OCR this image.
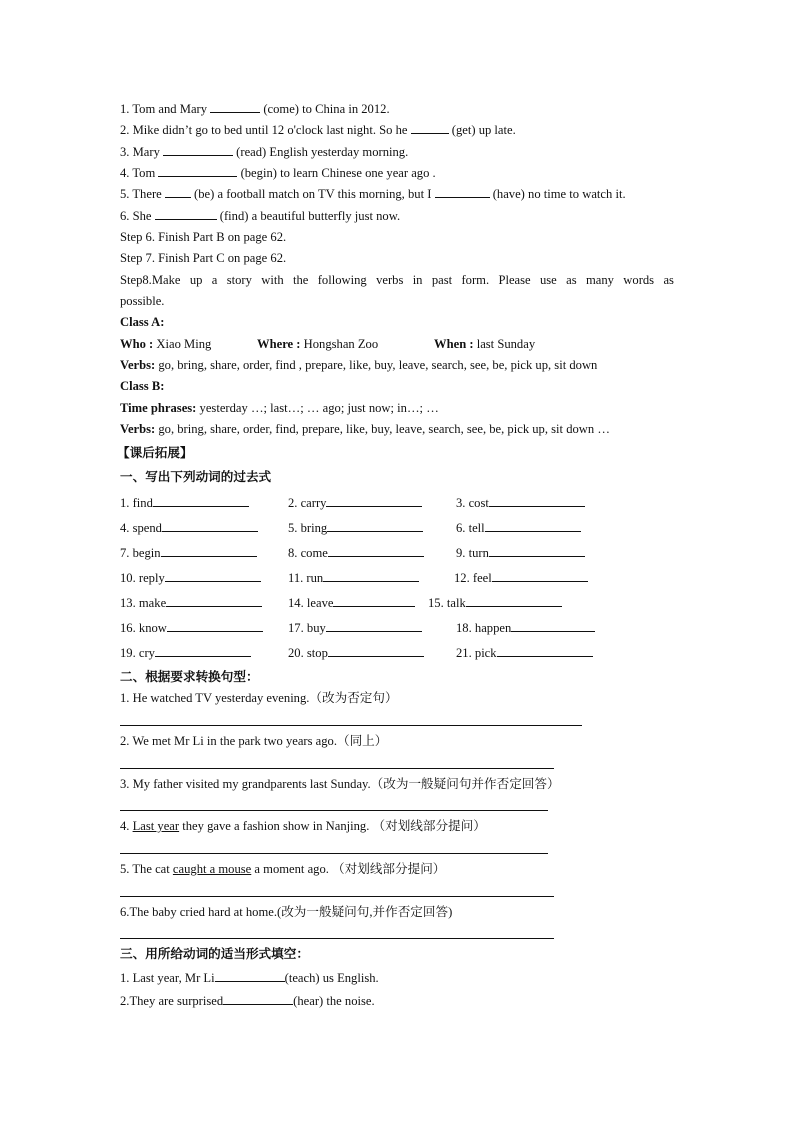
1. Tom and Mary	(come) to China in 2012.
2. Mike didn’t go to bed until 12 o'clock last night. So he	(get) up late.
3. Mary	(read) English yesterday morning.
4. Tom	(begin) to learn Chinese one year ago .
5. There  (be) a football match on TV this morning, but I	(have) no time to watch it.
6. She	(find) a beautiful butterfly just now.
Step 6. Finish Part B on page 62.
Step 7. Finish Part C on page 62.
Step8.Make up a story with the following verbs in past form. Please use as many words as
possible.
Class A:
Who : Xiao Ming	Where : Hongshan Zoo	When : last Sunday
Verbs: go, bring, share, order, find , prepare, like, buy, leave, search, see, be, pick up, sit down
Class B:
Time phrases: yesterday …; last…; … ago; just now; in…; …
Verbs: go, bring, share, order, find, prepare, like, buy, leave, search, see, be, pick up, sit down …
【课后拓展】
一、写出下列动词的过去式
1. find	2. carry	3. cost
4. spend	5. bring	6. tell
7. begin	8. come	9. turn
10. reply	11. run	12. feel
13. make	14. leave	15. talk
16. know	17. buy	18. happen
19. cry	20. stop	21. pick
二、根据要求转换句型：
1. He watched TV yesterday evening.（改为否定句）
2. We met Mr Li in the park two years ago.（同上）
3. My father visited my grandparents last Sunday.（改为一般疑问句并作否定回答）
4. Last year they gave a fashion show in Nanjing. （对划线部分提问）
5. The cat caught a mouse a moment ago. （对划线部分提问）
6.The baby cried hard at home.(改为一般疑问句,并作否定回答)
三、用所给动词的适当形式填空：
1. Last year, Mr Li	(teach) us English.
2.They are surprised	(hear) the noise.
